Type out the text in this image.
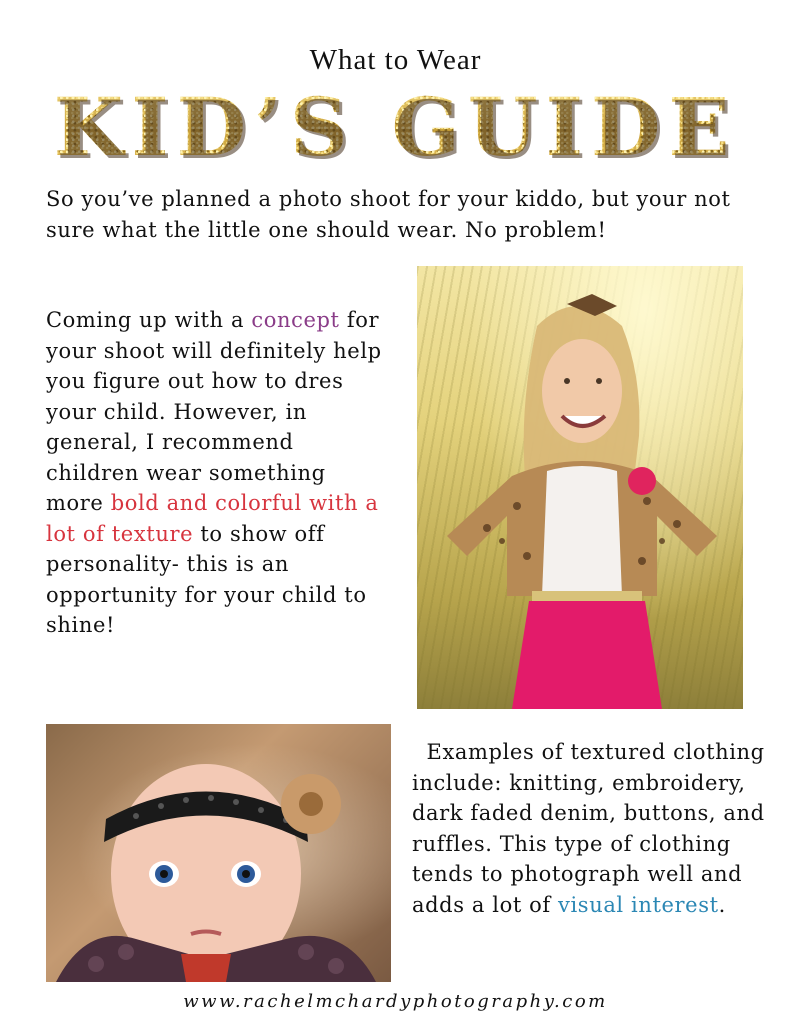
What to Wear
KID’S GUIDE

So you’ve planned a photo shoot for your kiddo, but your not sure what the little one should wear. No problem!

Coming up with a concept for your shoot will definitely help you figure out how to dres your child. However, in general, I recommend children wear something more bold and colorful with a lot of texture to show off personality- this is an opportunity for your child to shine!

Examples of textured clothing include: knitting, embroidery, dark faded denim, buttons, and ruffles. This type of clothing tends to photograph well and adds a lot of visual interest.

www.rachelmchardyphotography.com
